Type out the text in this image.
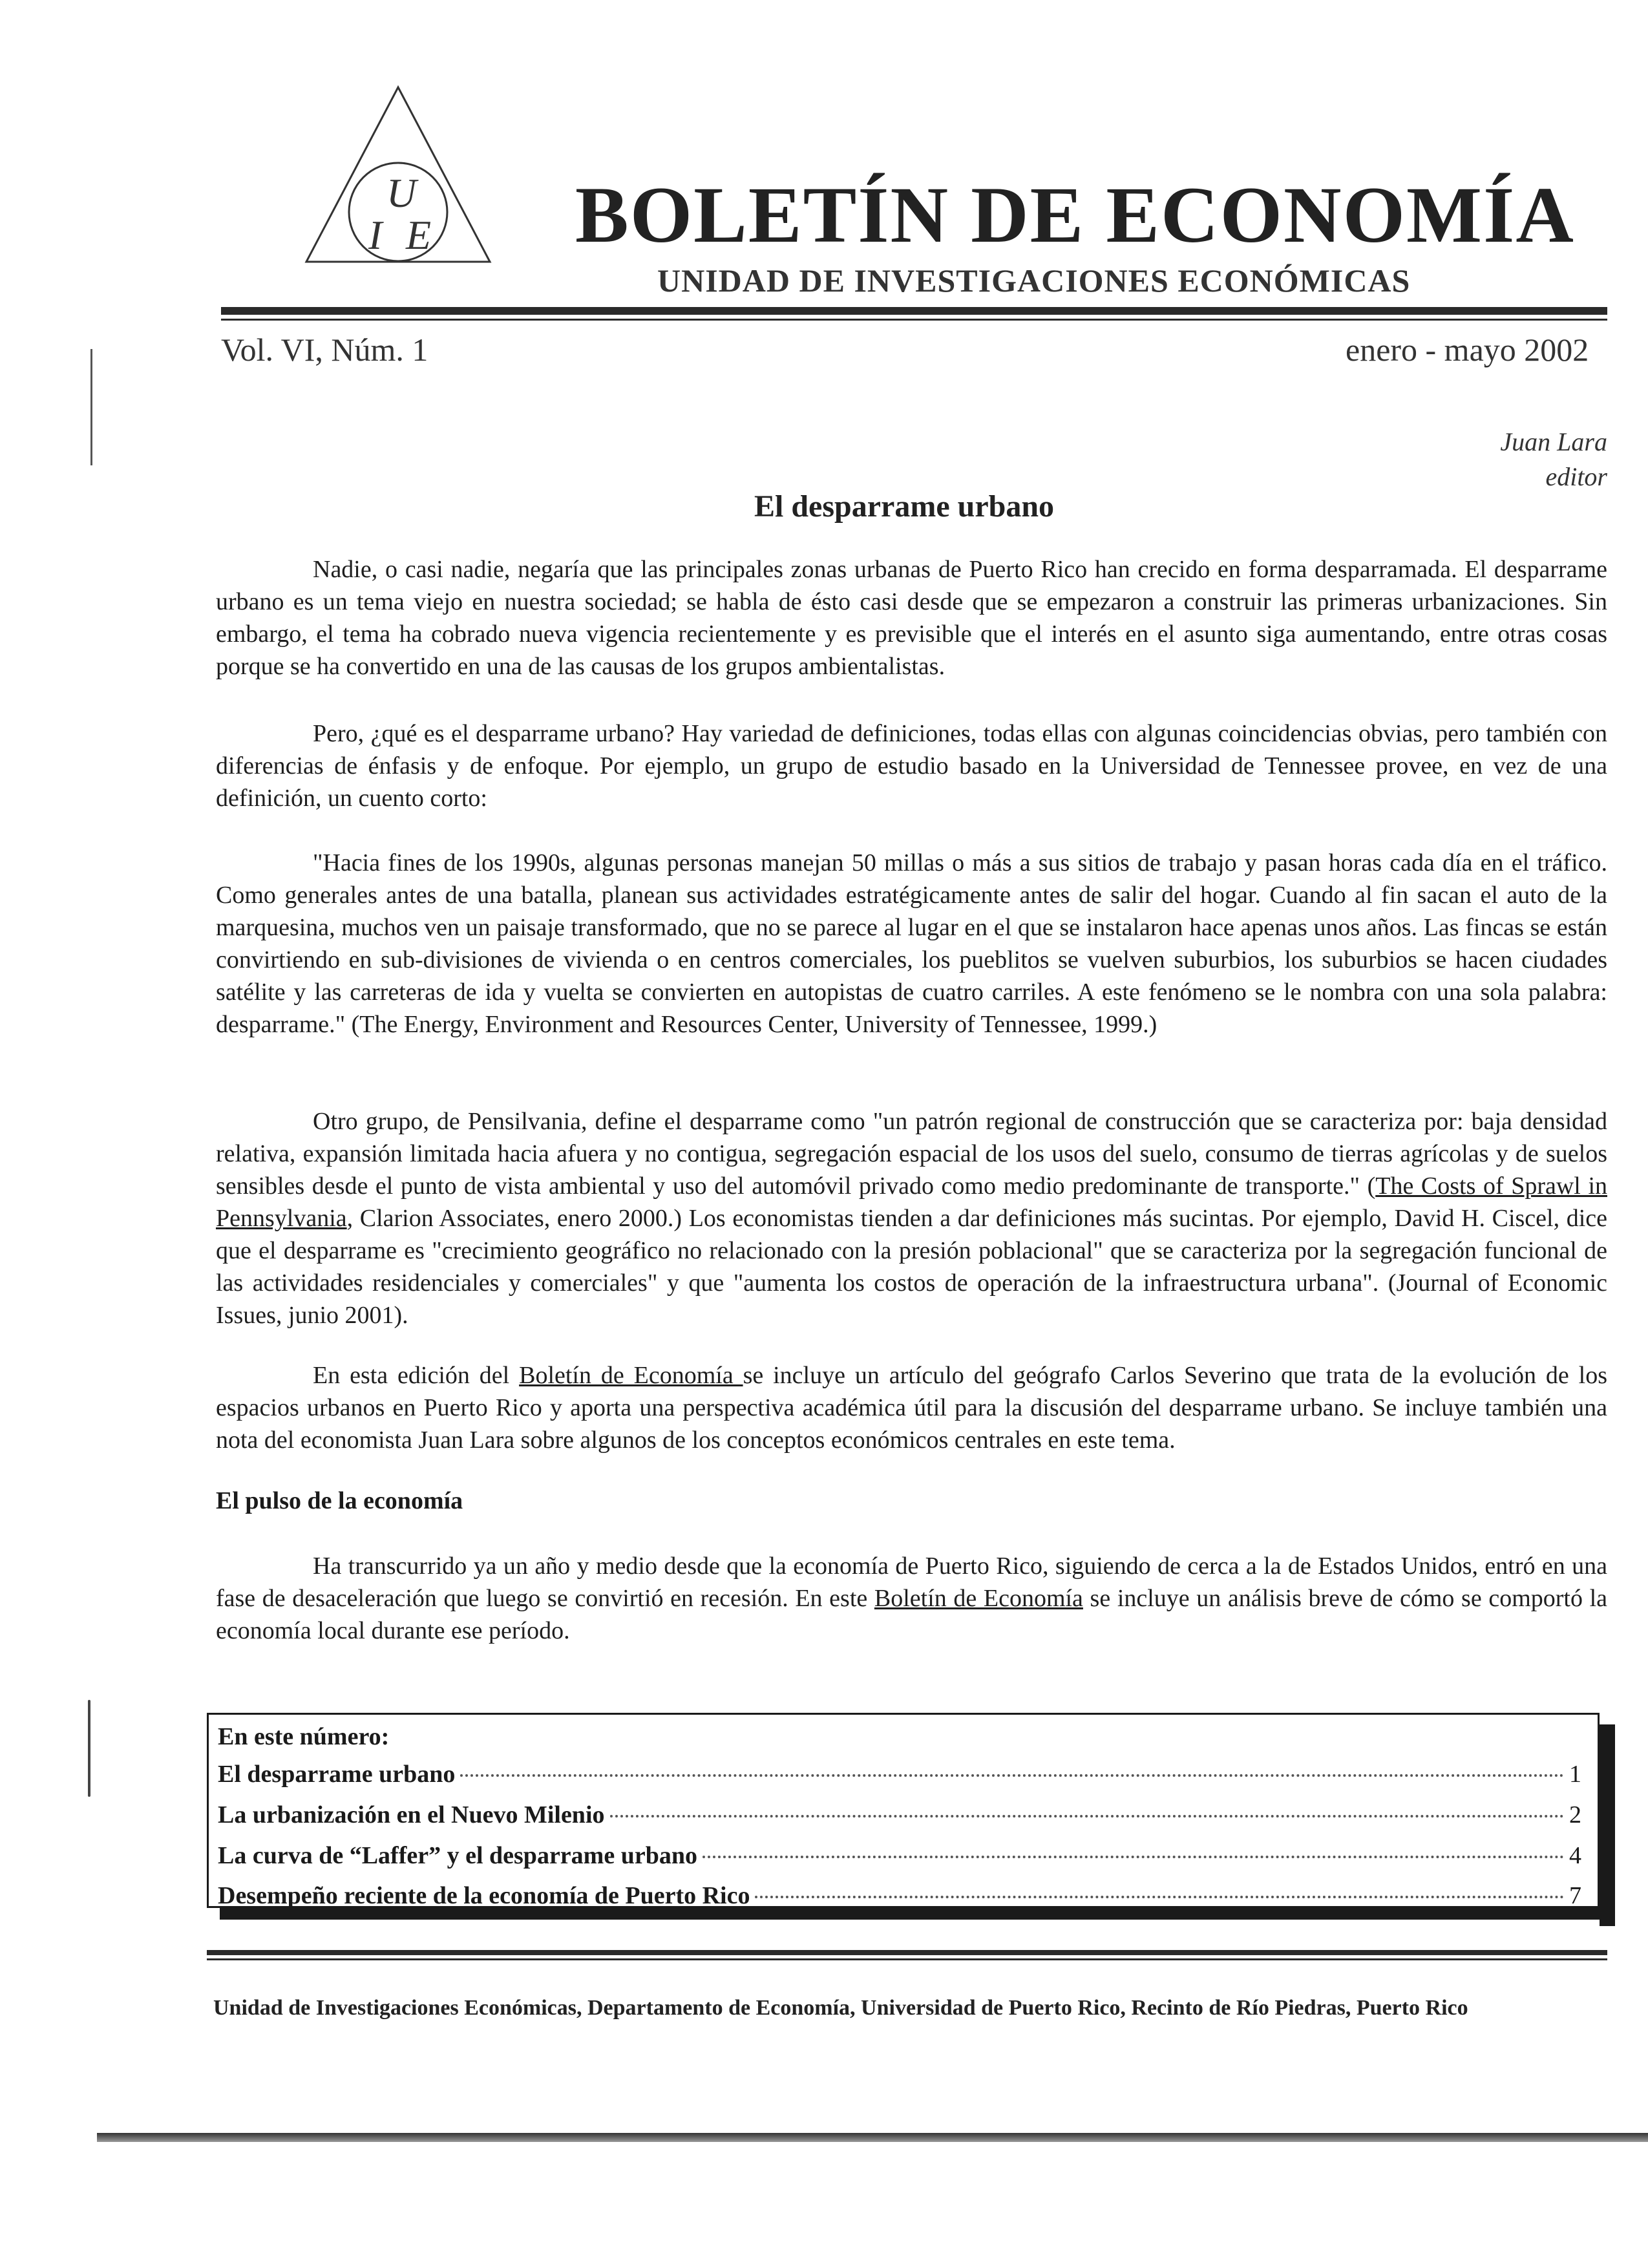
U
I E BOLETÍN DE ECONOMÍA
UNIDAD DE INVESTIGACIONES ECONÓMICAS
Vol. VI, Núm. 1	enero - mayo 2002
Juan Lara
editor
El desparrame urbano
Nadie, o casi nadie, negaría que las principales zonas urbanas de Puerto Rico han crecido en forma desparramada. El desparrame urbano es un tema viejo en nuestra sociedad; se habla de ésto casi desde que se empezaron a construir las primeras urbanizaciones. Sin embargo, el tema ha cobrado nueva vigencia recientemente y es previsible que el interés en el asunto siga aumentando, entre otras cosas porque se ha convertido en una de las causas de los grupos ambientalistas.
Pero, ¿qué es el desparrame urbano? Hay variedad de definiciones, todas ellas con algunas coincidencias obvias, pero también con diferencias de énfasis y de enfoque. Por ejemplo, un grupo de estudio basado en la Universidad de Tennessee provee, en vez de una definición, un cuento corto:
"Hacia fines de los 1990s, algunas personas manejan 50 millas o más a sus sitios de trabajo y pasan horas cada día en el tráfico. Como generales antes de una batalla, planean sus actividades estratégicamente antes de salir del hogar. Cuando al fin sacan el auto de la marquesina, muchos ven un paisaje transformado, que no se parece al lugar en el que se instalaron hace apenas unos años. Las fincas se están convirtiendo en sub-divisiones de vivienda o en centros comerciales, los pueblitos se vuelven suburbios, los suburbios se hacen ciudades satélite y las carreteras de ida y vuelta se convierten en autopistas de cuatro carriles. A este fenómeno se le nombra con una sola palabra: desparrame." (The Energy, Environment and Resources Center, University of Tennessee, 1999.)
Otro grupo, de Pensilvania, define el desparrame como "un patrón regional de construcción que se caracteriza por: baja densidad relativa, expansión limitada hacia afuera y no contigua, segregación espacial de los usos del suelo, consumo de tierras agrícolas y de suelos sensibles desde el punto de vista ambiental y uso del automóvil privado como medio predominante de transporte." (The Costs of Sprawl in Pennsylvania, Clarion Associates, enero 2000.) Los economistas tienden a dar definiciones más sucintas. Por ejemplo, David H. Ciscel, dice que el desparrame es "crecimiento geográfico no relacionado con la presión poblacional" que se caracteriza por la segregación funcional de las actividades residenciales y comerciales" y que "aumenta los costos de operación de la infraestructura urbana". (Journal of Economic Issues, junio 2001).
En esta edición del Boletín de Economía se incluye un artículo del geógrafo Carlos Severino que trata de la evolución de los espacios urbanos en Puerto Rico y aporta una perspectiva académica útil para la discusión del desparrame urbano. Se incluye también una nota del economista Juan Lara sobre algunos de los conceptos económicos centrales en este tema.
El pulso de la economía
Ha transcurrido ya un año y medio desde que la economía de Puerto Rico, siguiendo de cerca a la de Estados Unidos, entró en una fase de desaceleración que luego se convirtió en recesión. En este Boletín de Economía se incluye un análisis breve de cómo se comportó la economía local durante ese período.
En este número:
El desparrame urbano	1
La urbanización en el Nuevo Milenio	2
La curva de “Laffer” y el desparrame urbano	4
Desempeño reciente de la economía de Puerto Rico	7
Unidad de Investigaciones Económicas, Departamento de Economía, Universidad de Puerto Rico, Recinto de Río Piedras, Puerto Rico
